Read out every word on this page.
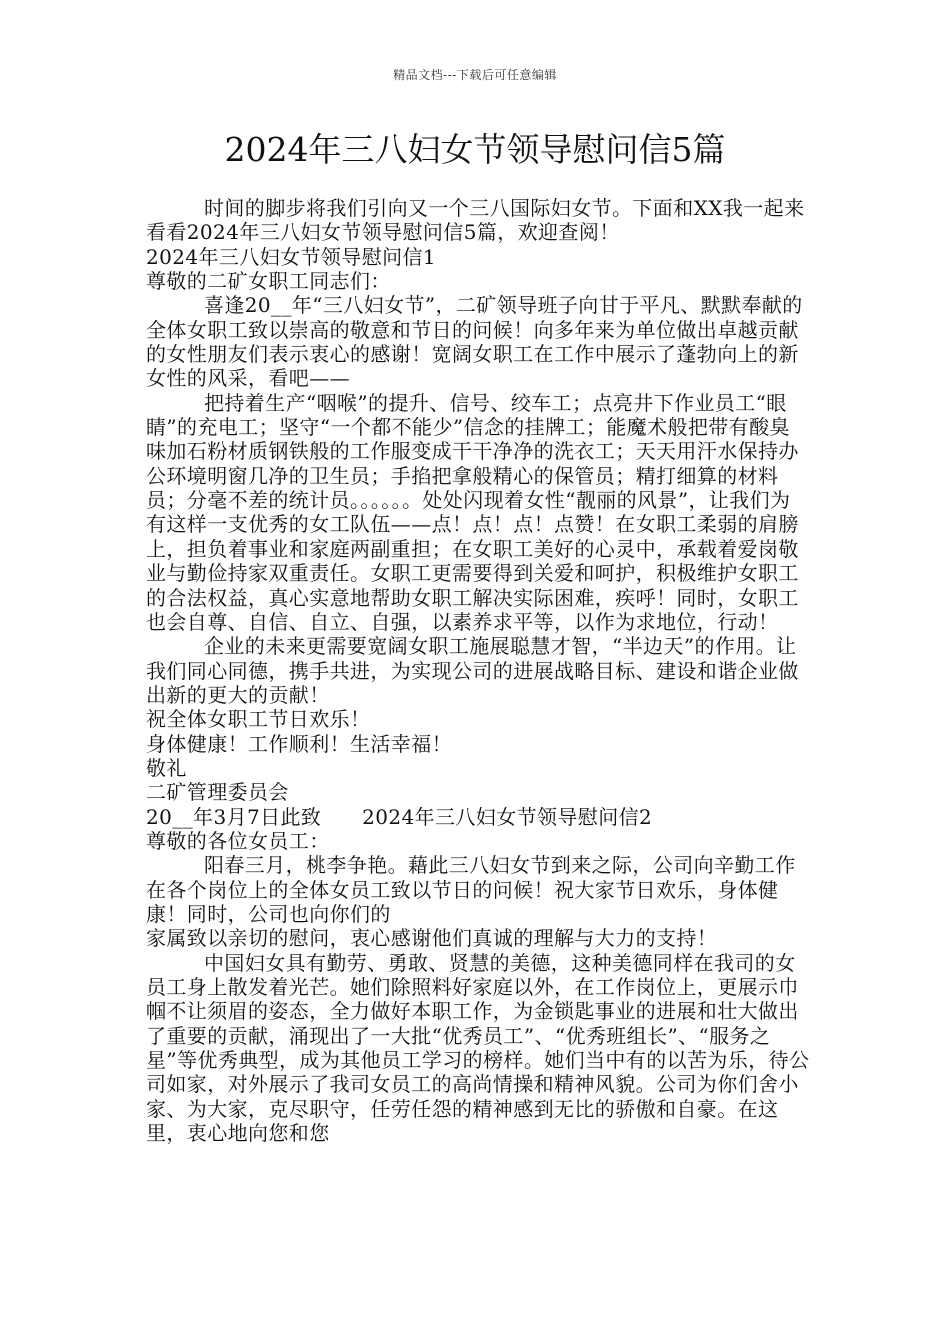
精品文档---下载后可任意编辑
2024年三八妇女节领导慰问信5篇

时间的脚步将我们引向又一个三八国际妇女节。下面和XX我一起来看看2024年三八妇女节领导慰问信5篇，欢迎查阅！

2024年三八妇女节领导慰问信1

尊敬的二矿女职工同志们：

喜逢20__年“三八妇女节”，二矿领导班子向甘于平凡、默默奉献的全体女职工致以崇高的敬意和节日的问候！向多年来为单位做出卓越贡献的女性朋友们表示衷心的感谢！宽阔女职工在工作中展示了蓬勃向上的新女性的风采，看吧——

把持着生产“咽喉”的提升、信号、绞车工；点亮井下作业员工“眼睛”的充电工；坚守“一个都不能少”信念的挂牌工；能魔术般把带有酸臭味加石粉材质钢铁般的工作服变成干干净净的洗衣工；天天用汗水保持办公环境明窗几净的卫生员；手掐把拿般精心的保管员；精打细算的材料员；分毫不差的统计员。。。。。。处处闪现着女性“靓丽的风景”，让我们为有这样一支优秀的女工队伍——点！点！点！点赞！在女职工柔弱的肩膀上，担负着事业和家庭两副重担；在女职工美好的心灵中，承载着爱岗敬业与勤俭持家双重责任。女职工更需要得到关爱和呵护，积极维护女职工的合法权益，真心实意地帮助女职工解决实际困难，疾呼！同时，女职工也会自尊、自信、自立、自强，以素养求平等，以作为求地位，行动！

企业的未来更需要宽阔女职工施展聪慧才智，“半边天”的作用。让我们同心同德，携手共进，为实现公司的进展战略目标、建设和谐企业做出新的更大的贡献！

祝全体女职工节日欢乐！

身体健康！工作顺利！生活幸福！

敬礼

二矿管理委员会

20__年3月7日此致　　2024年三八妇女节领导慰问信2

尊敬的各位女员工：

阳春三月，桃李争艳。藉此三八妇女节到来之际，公司向辛勤工作在各个岗位上的全体女员工致以节日的问候！祝大家节日欢乐，身体健康！同时，公司也向你们的

家属致以亲切的慰问，衷心感谢他们真诚的理解与大力的支持！

中国妇女具有勤劳、勇敢、贤慧的美德，这种美德同样在我司的女员工身上散发着光芒。她们除照料好家庭以外，在工作岗位上，更展示巾帼不让须眉的姿态，全力做好本职工作，为金锁匙事业的进展和壮大做出了重要的贡献，涌现出了一大批“优秀员工”、“优秀班组长”、“服务之星”等优秀典型，成为其他员工学习的榜样。她们当中有的以苦为乐，待公司如家，对外展示了我司女员工的高尚情操和精神风貌。公司为你们舍小家、为大家，克尽职守，任劳任怨的精神感到无比的骄傲和自豪。在这里，衷心地向您和您
